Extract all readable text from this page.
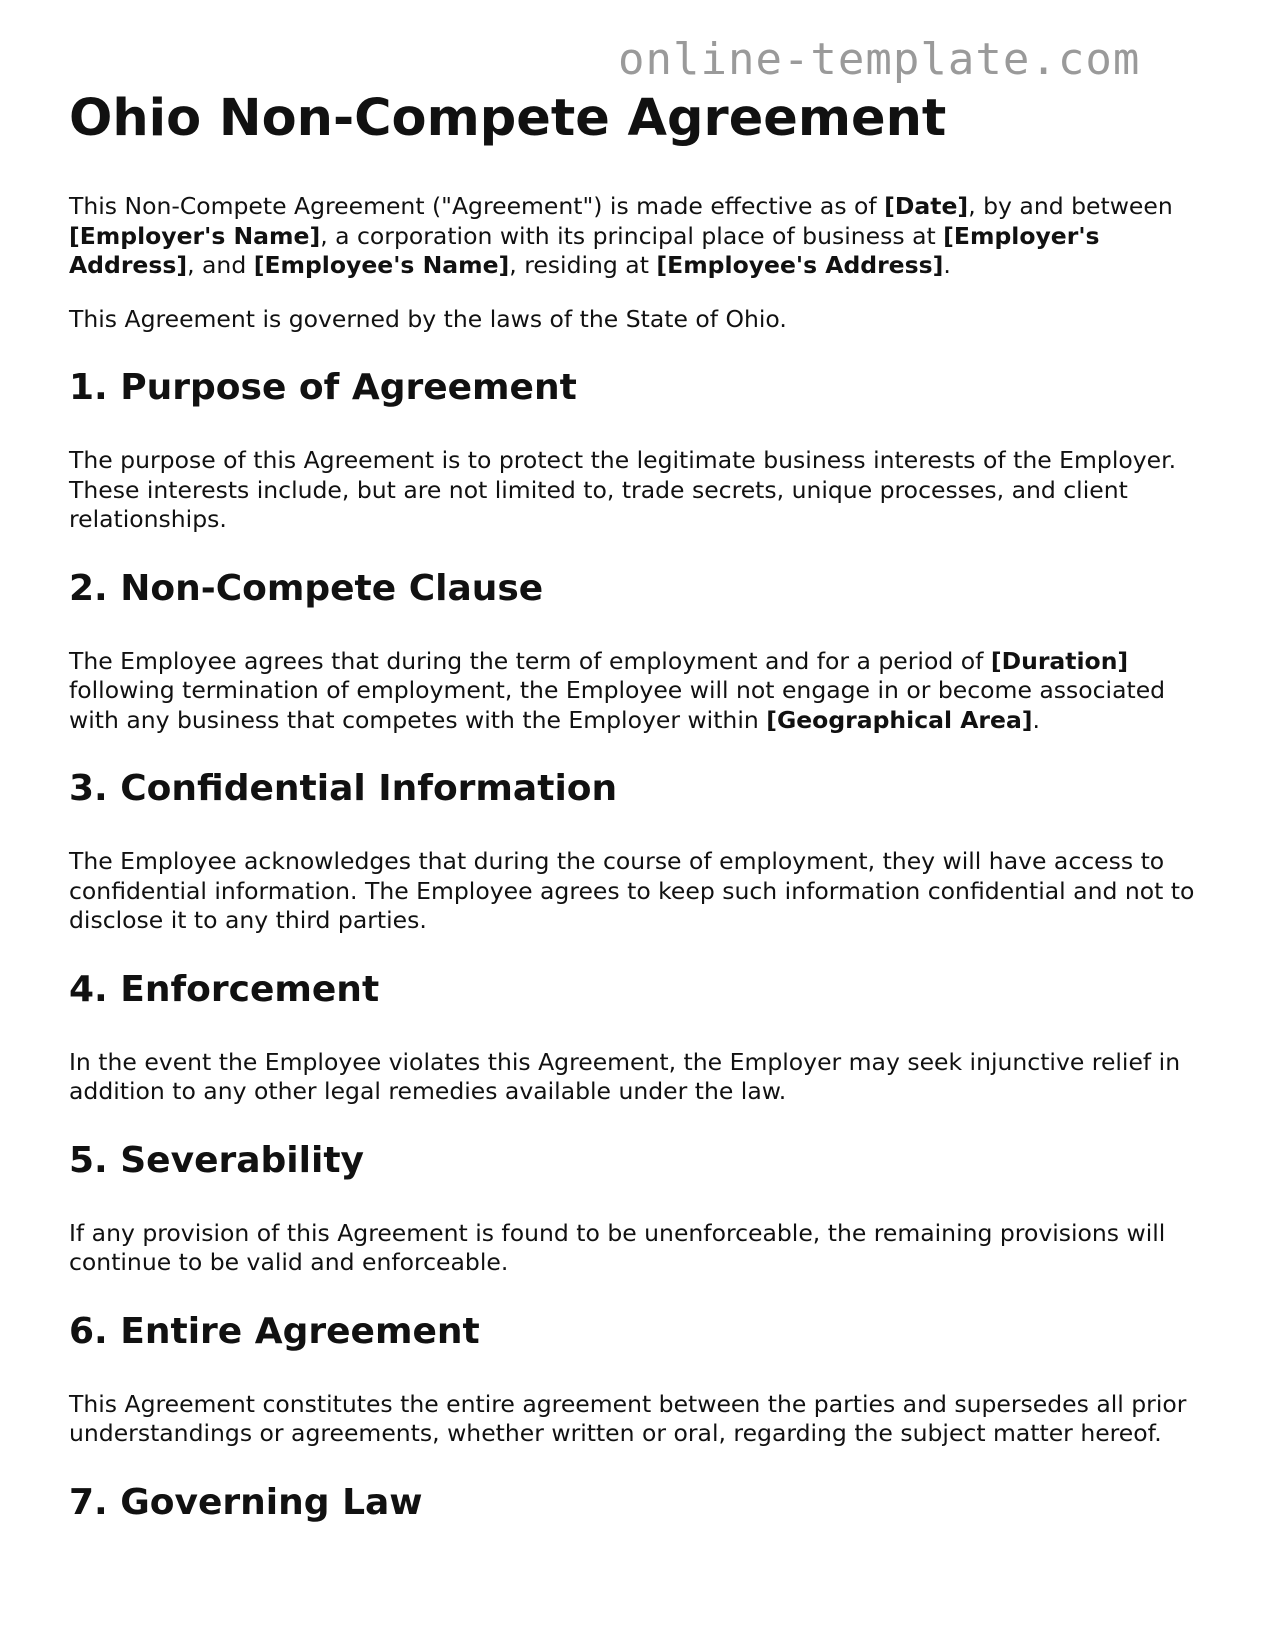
online-template.com
Ohio Non-Compete Agreement

This Non-Compete Agreement ("Agreement") is made effective as of [Date], by and between [Employer's Name], a corporation with its principal place of business at [Employer's Address], and [Employee's Name], residing at [Employee's Address].

This Agreement is governed by the laws of the State of Ohio.

1. Purpose of Agreement

The purpose of this Agreement is to protect the legitimate business interests of the Employer. These interests include, but are not limited to, trade secrets, unique processes, and client relationships.

2. Non-Compete Clause

The Employee agrees that during the term of employment and for a period of [Duration] following termination of employment, the Employee will not engage in or become associated with any business that competes with the Employer within [Geographical Area].

3. Confidential Information

The Employee acknowledges that during the course of employment, they will have access to confidential information. The Employee agrees to keep such information confidential and not to disclose it to any third parties.

4. Enforcement

In the event the Employee violates this Agreement, the Employer may seek injunctive relief in addition to any other legal remedies available under the law.

5. Severability

If any provision of this Agreement is found to be unenforceable, the remaining provisions will continue to be valid and enforceable.

6. Entire Agreement

This Agreement constitutes the entire agreement between the parties and supersedes all prior understandings or agreements, whether written or oral, regarding the subject matter hereof.

7. Governing Law
